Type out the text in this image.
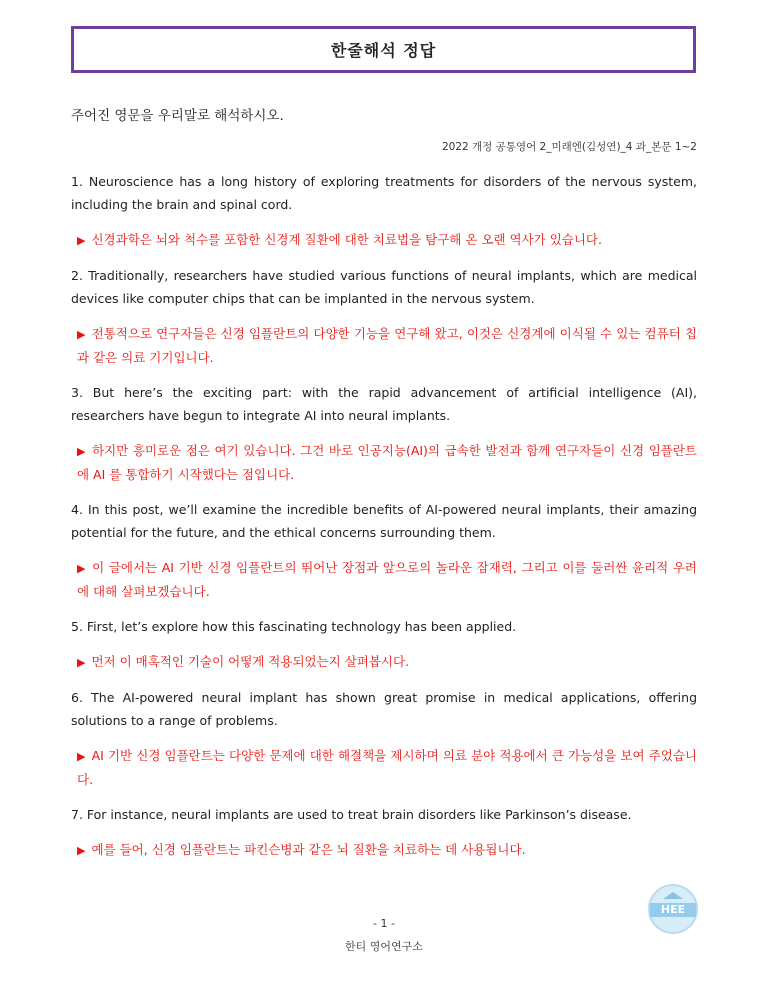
한줄해석 정답
주어진 영문을 우리말로 해석하시오.
2022 개정 공통영어 2_미래엔(김성연)_4 과_본문 1~2

1. Neuroscience has a long history of exploring treatments for disorders of the nervous system, including the brain and spinal cord.

▶ 신경과학은 뇌와 척수를 포함한 신경계 질환에 대한 치료법을 탐구해 온 오랜 역사가 있습니다.

2. Traditionally, researchers have studied various functions of neural implants, which are medical devices like computer chips that can be implanted in the nervous system.

▶ 전통적으로 연구자들은 신경 임플란트의 다양한 기능을 연구해 왔고, 이것은 신경계에 이식될 수 있는 컴퓨터 칩과 같은 의료 기기입니다.

3. But here’s the exciting part: with the rapid advancement of artificial intelligence (AI), researchers have begun to integrate AI into neural implants.

▶ 하지만 흥미로운 점은 여기 있습니다. 그건 바로 인공지능(AI)의 급속한 발전과 함께 연구자들이 신경 임플란트에 AI 를 통합하기 시작했다는 점입니다.

4. In this post, we’ll examine the incredible benefits of AI-powered neural implants, their amazing potential for the future, and the ethical concerns surrounding them.

▶ 이 글에서는 AI 기반 신경 임플란트의 뛰어난 장점과 앞으로의 놀라운 잠재력, 그리고 이를 둘러싼 윤리적 우려에 대해 살펴보겠습니다.

5. First, let’s explore how this fascinating technology has been applied.

▶ 먼저 이 매혹적인 기술이 어떻게 적용되었는지 살펴봅시다.

6. The AI-powered neural implant has shown great promise in medical applications, offering solutions to a range of problems.

▶ AI 기반 신경 임플란트는 다양한 문제에 대한 해결책을 제시하며 의료 분야 적용에서 큰 가능성을 보여 주었습니다.

7. For instance, neural implants are used to treat brain disorders like Parkinson’s disease.

▶ 예를 들어, 신경 임플란트는 파킨슨병과 같은 뇌 질환을 치료하는 데 사용됩니다.

HEE
- 1 -
한티 영어연구소
